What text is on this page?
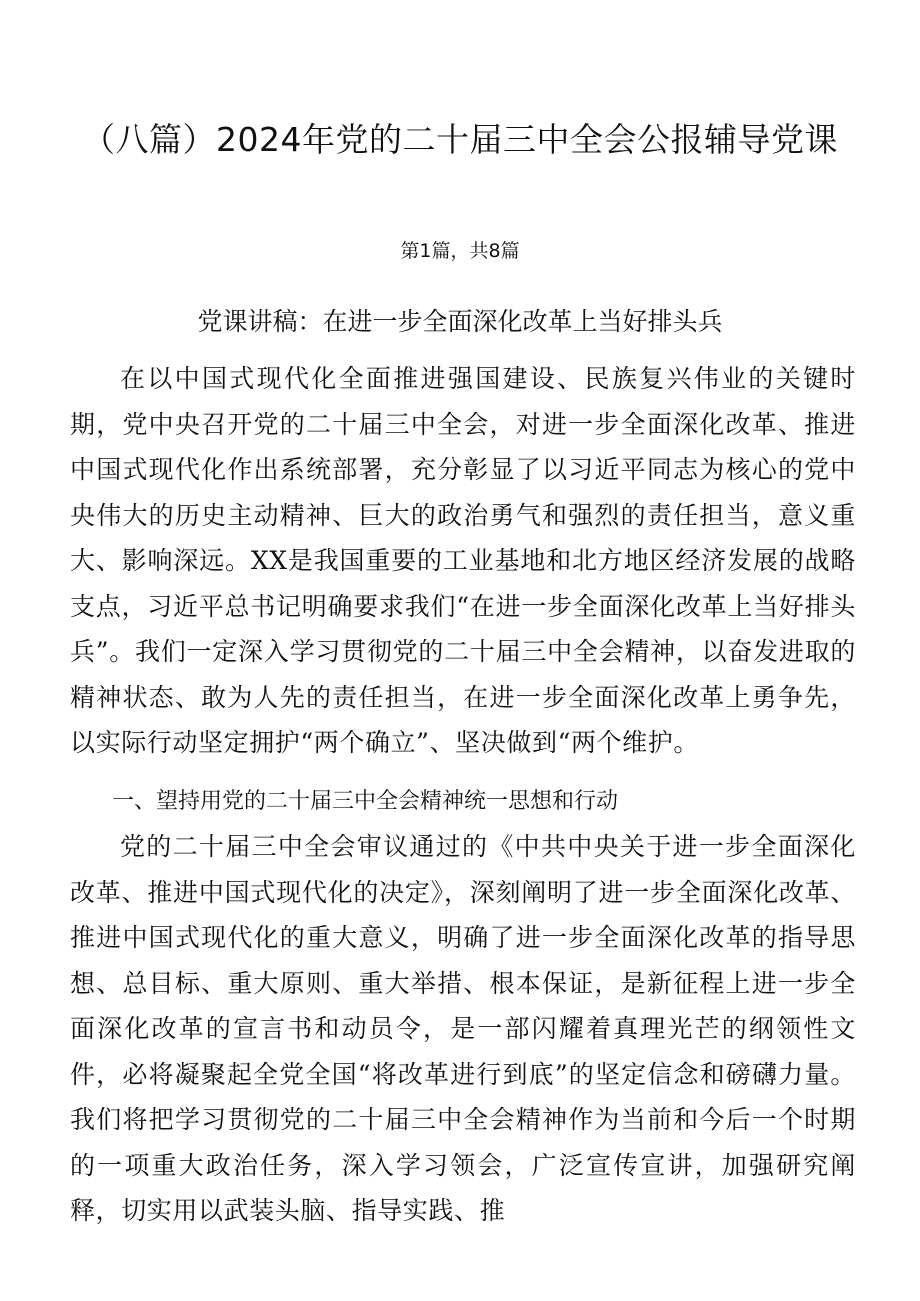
（八篇）2024年党的二十届三中全会公报辅导党课
第1篇，共8篇
党课讲稿：在进一步全面深化改革上当好排头兵

在以中国式现代化全面推进强国建设、民族复兴伟业的关键时期，党中央召开党的二十届三中全会，对进一步全面深化改革、推进中国式现代化作出系统部署，充分彰显了以习近平同志为核心的党中央伟大的历史主动精神、巨大的政治勇气和强烈的责任担当，意义重大、影响深远。XX是我国重要的工业基地和北方地区经济发展的战略支点，习近平总书记明确要求我们“在进一步全面深化改革上当好排头兵”。我们一定深入学习贯彻党的二十届三中全会精神，以奋发进取的精神状态、敢为人先的责任担当，在进一步全面深化改革上勇争先，以实际行动坚定拥护“两个确立”、坚决做到“两个维护。

一、望持用党的二十届三中全会精神统一思想和行动

党的二十届三中全会审议通过的《中共中央关于进一步全面深化改革、推进中国式现代化的决定》，深刻阐明了进一步全面深化改革、推进中国式现代化的重大意义，明确了进一步全面深化改革的指导思想、总目标、重大原则、重大举措、根本保证，是新征程上进一步全面深化改革的宣言书和动员令，是一部闪耀着真理光芒的纲领性文件，必将凝聚起全党全国“将改革进行到底”的坚定信念和磅礴力量。我们将把学习贯彻党的二十届三中全会精神作为当前和今后一个时期的一项重大政治任务，深入学习领会，广泛宣传宣讲，加强研究阐释，切实用以武装头脑、指导实践、推
